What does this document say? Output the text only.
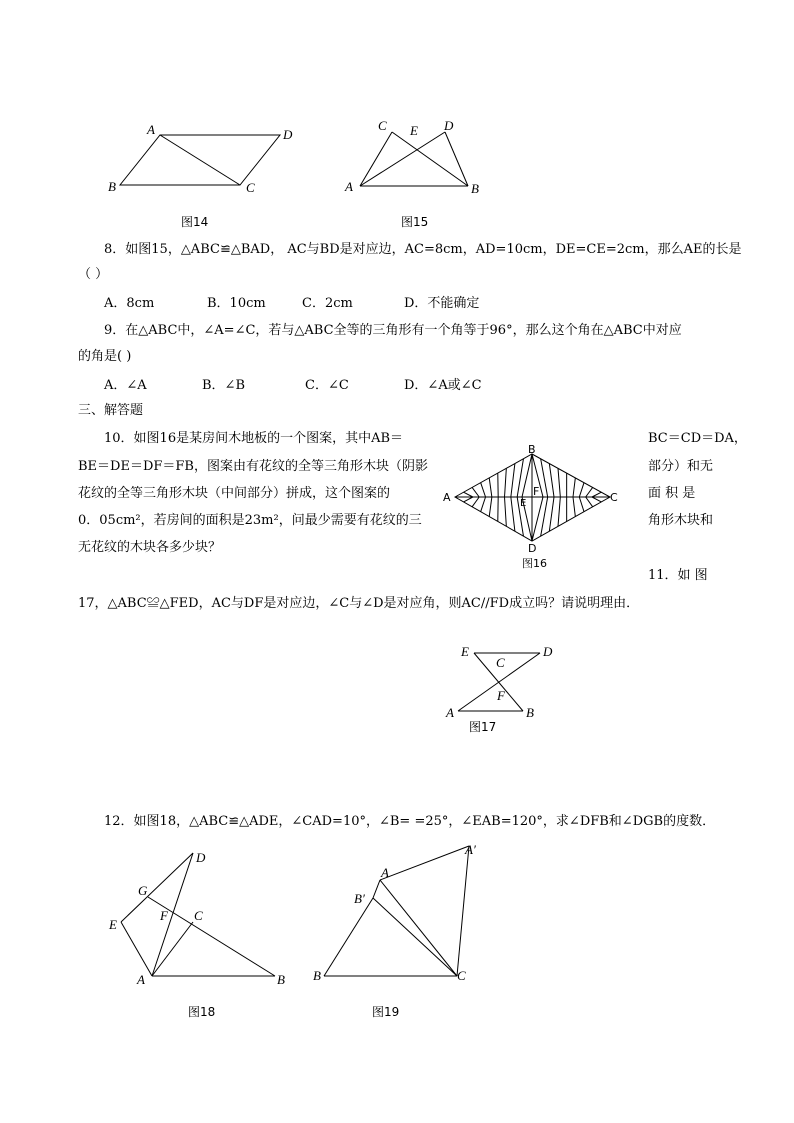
A	D
B	C
图14
C E D
A	B
图15
8．如图15，△ABC≌△BAD， AC与BD是对应边，AC=8cm，AD=10cm，DE=CE=2cm，那么AE的长是
（ ）
A．8cm	B．10cm	C．2cm	D．不能确定
9．在△ABC中，∠A=∠C，若与△ABC全等的三角形有一个角等于96°，那么这个角在△ABC中对应
的角是( )
A．∠A	B．∠B	C．∠C	D．∠A或∠C
三、解答题
10．如图16是某房间木地板的一个图案，其中AB＝	BC＝CD＝DA，
BE＝DE＝DF＝FB，图案由有花纹的全等三角形木块（阴影	部分）和无
花纹的全等三角形木块（中间部分）拼成，这个图案的	面 积 是
0．05cm²，若房间的面积是23m²，问最少需要有花纹的三	角形木块和
无花纹的木块各多少块？
B
A	C
F
E
D
图16
11．如 图
17，△ABC≌△FED，AC与DF是对应边，∠C与∠D是对应角，则AC//FD成立吗？请说明理由．
E	D
C
F
A	B
图17
12．如图18，△ABC≌△ADE，∠CAD=10°，∠B= =25°，∠EAB=120°，求∠DFB和∠DGB的度数．
D
G
E
F C
A	B
图18
A′
A
B′
B	C
图19
